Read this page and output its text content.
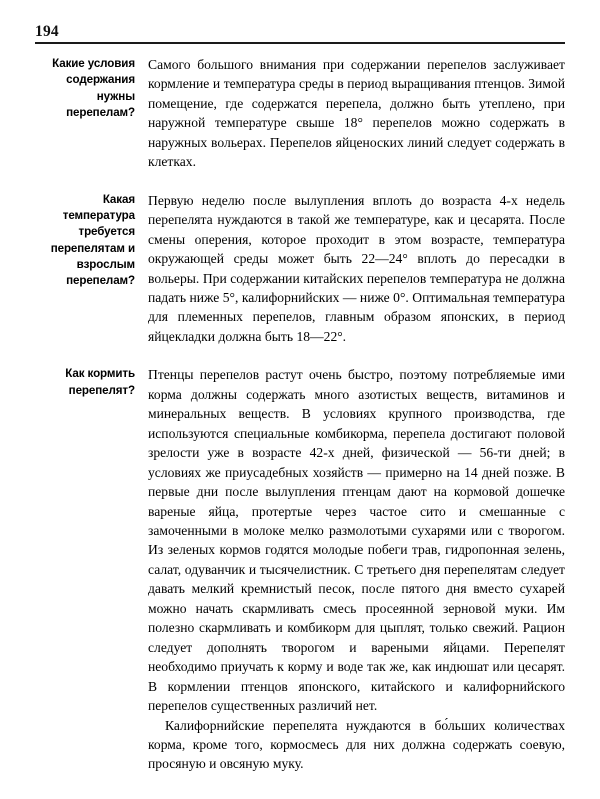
194
Какие условия содержания нужны перепелам?

Самого большого внимания при содержании перепелов заслуживает кормление и температура среды в период выращивания птенцов. Зимой помещение, где содержатся перепела, должно быть утеплено, при наружной температуре свыше 18° перепелов можно содержать в наружных вольерах. Перепелов яйценоских линий следует содержать в клетках.

Какая температура требуется перепелятам и взрослым перепелам?

Первую неделю после вылупления вплоть до возраста 4-х недель перепелята нуждаются в такой же температуре, как и цесарята. После смены оперения, которое проходит в этом возрасте, температура окружающей среды может быть 22—24° вплоть до пересадки в вольеры. При содержании китайских перепелов температура не должна падать ниже 5°, калифорнийских — ниже 0°. Оптимальная температура для племенных перепелов, главным образом японских, в период яйцекладки должна быть 18—22°.

Как кормить перепелят?

Птенцы перепелов растут очень быстро, поэтому потребляемые ими корма должны содержать много азотистых веществ, витаминов и минеральных веществ. В условиях крупного производства, где используются специальные комбикорма, перепела достигают половой зрелости уже в возрасте 42-х дней, физической — 56-ти дней; в условиях же приусадебных хозяйств — примерно на 14 дней позже. В первые дни после вылупления птенцам дают на кормовой дошечке вареные яйца, протертые через частое сито и смешанные с замоченными в молоке мелко размолотыми сухарями или с творогом. Из зеленых кормов годятся молодые побеги трав, гидропонная зелень, салат, одуванчик и тысячелистник. С третьего дня перепелятам следует давать мелкий кремнистый песок, после пятого дня вместо сухарей можно начать скармливать смесь просеянной зерновой муки. Им полезно скармливать и комбикорм для цыплят, только свежий. Рацион следует дополнять творогом и вареными яйцами. Перепелят необходимо приучать к корму и воде так же, как индюшат или цесарят. В кормлении птенцов японского, китайского и калифорнийского перепелов существенных различий нет.

Калифорнийские перепелята нуждаются в бо́льших количествах корма, кроме того, кормосмесь для них должна содержать соевую, просяную и овсяную муку.
